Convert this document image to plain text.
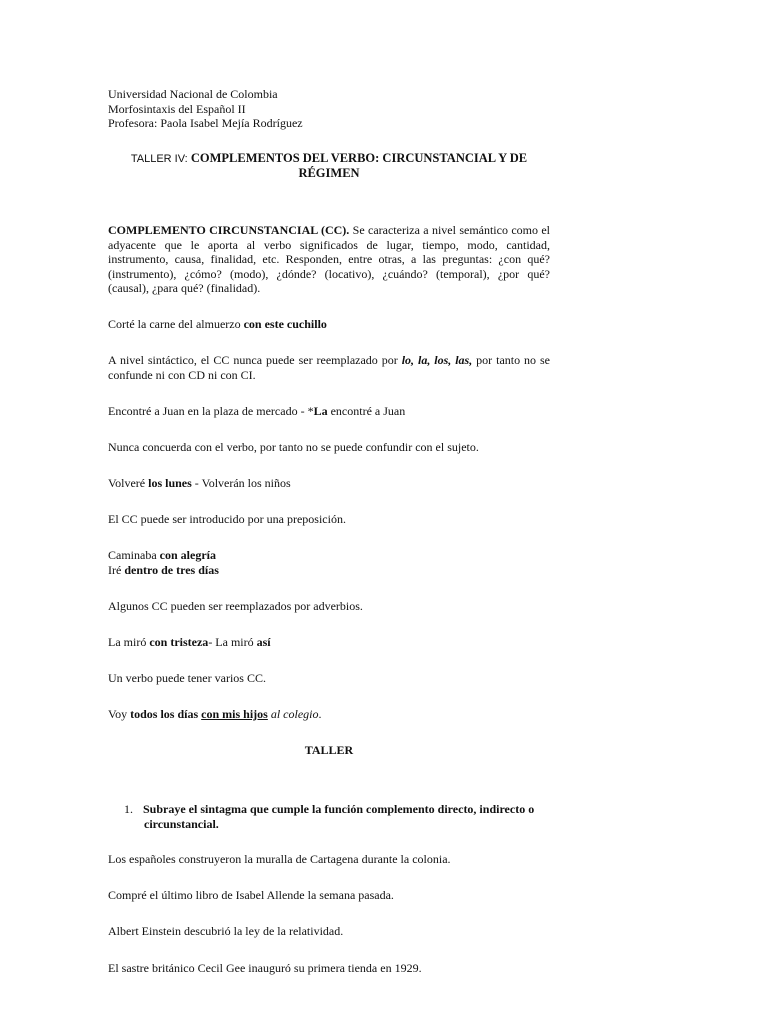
Universidad Nacional de Colombia
Morfosintaxis del Español II
Profesora: Paola Isabel Mejía Rodríguez
TALLER IV: COMPLEMENTOS DEL VERBO: CIRCUNSTANCIAL Y DE
RÉGIMEN
COMPLEMENTO CIRCUNSTANCIAL (CC). Se caracteriza a nivel semántico como el adyacente que le aporta al verbo significados de lugar, tiempo, modo, cantidad, instrumento, causa, finalidad, etc. Responden, entre otras, a las preguntas: ¿con qué? (instrumento), ¿cómo? (modo), ¿dónde? (locativo), ¿cuándo? (temporal), ¿por qué? (causal), ¿para qué? (finalidad).
Corté la carne del almuerzo con este cuchillo
A nivel sintáctico, el CC nunca puede ser reemplazado por lo, la, los, las, por tanto no se confunde ni con CD ni con CI.
Encontré a Juan en la plaza de mercado - *La encontré a Juan
Nunca concuerda con el verbo, por tanto no se puede confundir con el sujeto.
Volveré los lunes - Volverán los niños
El CC puede ser introducido por una preposición.
Caminaba con alegría
Iré dentro de tres días
Algunos CC pueden ser reemplazados por adverbios.
La miró con tristeza- La miró así
Un verbo puede tener varios CC.
Voy todos los días con mis hijos al colegio.
TALLER
1. Subraye el sintagma que cumple la función complemento directo, indirecto o
circunstancial.
Los españoles construyeron la muralla de Cartagena durante la colonia.
Compré el último libro de Isabel Allende la semana pasada.
Albert Einstein descubrió la ley de la relatividad.
El sastre británico Cecil Gee inauguró su primera tienda en 1929.
